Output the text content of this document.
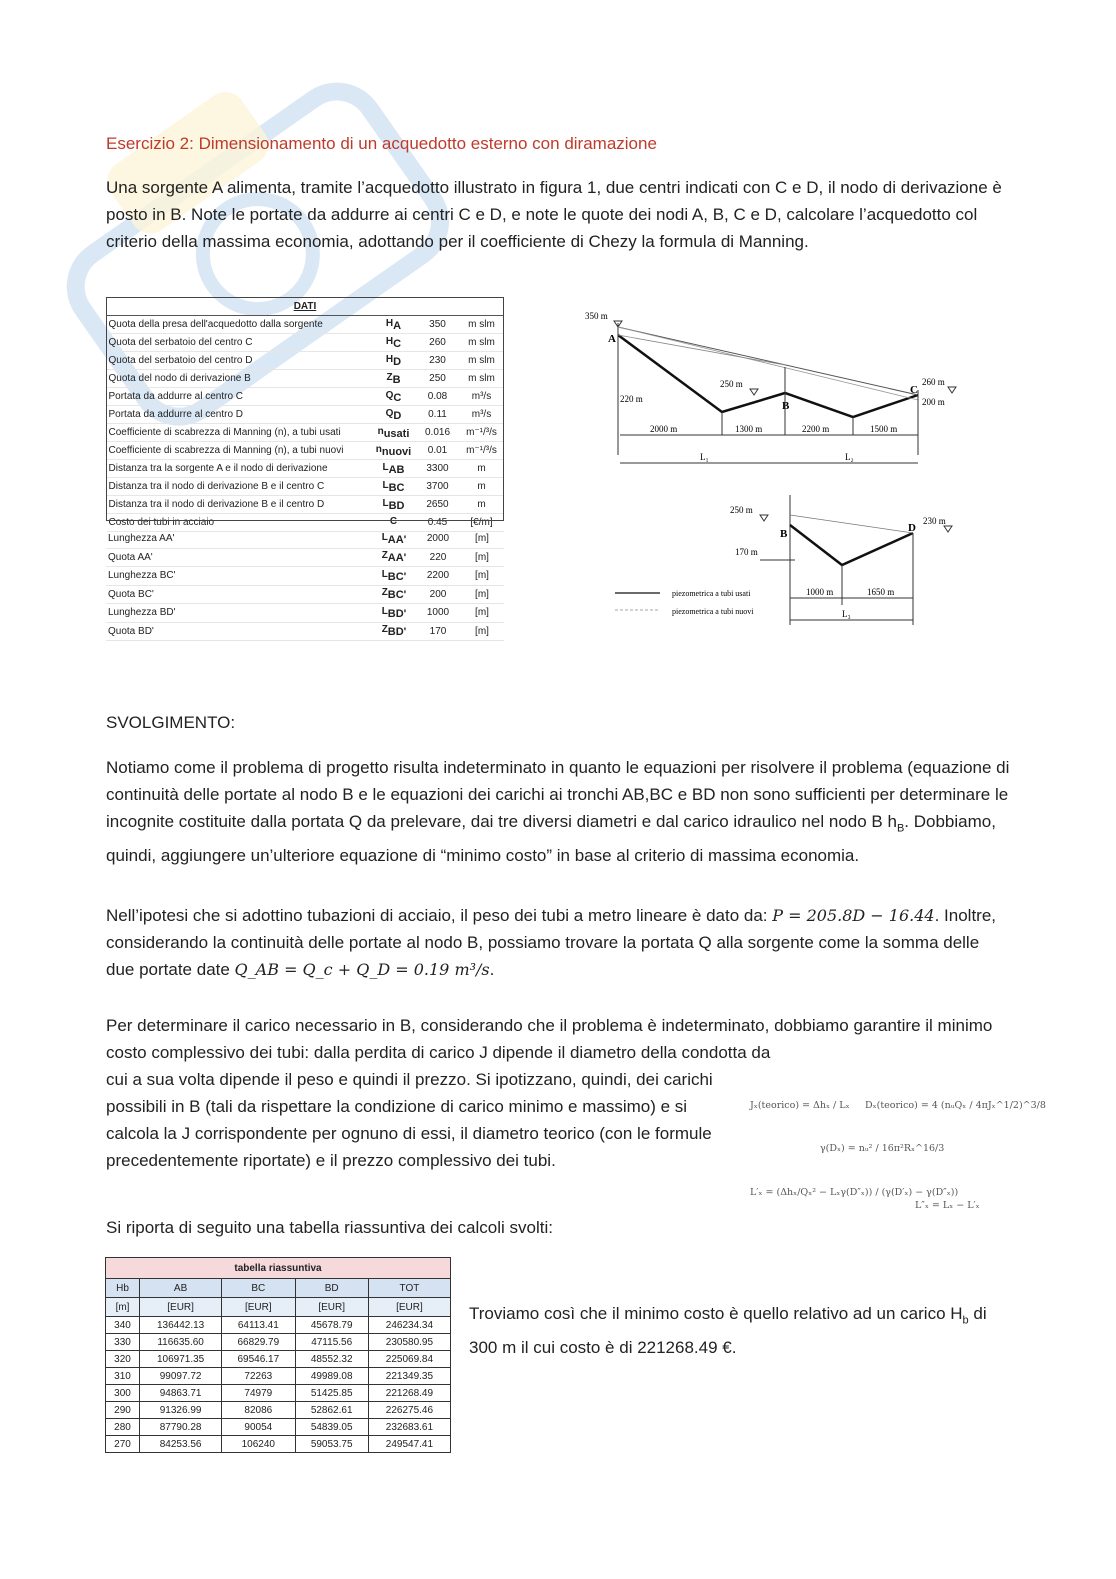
Esercizio 2: Dimensionamento di un acquedotto esterno con diramazione
Una sorgente A alimenta, tramite l’acquedotto illustrato in figura 1, due centri indicati con C e D, il nodo di derivazione è posto in B. Note le portate da addurre ai centri C e D, e note le quote dei nodi A, B, C e D, calcolare l’acquedotto col criterio della massima economia, adottando per il coefficiente di Chezy la formula di Manning.
DATI			
Quota della presa dell'acquedotto dalla sorgente	$H_A$	350	m slm
Quota del serbatoio del centro C	$H_C$	260	m slm
Quota del serbatoio del centro D	$H_D$	230	m slm
Quota del nodo di derivazione B	$Z_B$	250	m slm
Portata da addurre al centro C	$Q_C$	0.08	m³/s
Portata da addurre al centro D	$Q_D$	0.11	m³/s
Coefficiente di scabrezza di Manning (n), a tubi usati	$n_{usati}$	0.016	m⁻¹/³/s
Coefficiente di scabrezza di Manning (n), a tubi nuovi	$n_{nuovi}$	0.01	m⁻¹/³/s
Distanza tra la sorgente A e il nodo di derivazione	$L_{AB}$	3300	m
Distanza tra il nodo di derivazione B e il centro C	$L_{BC}$	3700	m
Distanza tra il nodo di derivazione B e il centro D	$L_{BD}$	2650	m
Costo dei tubi in acciaio	C	0.45	[€/m]
Lunghezza AA'	$L_{AA'}$	2000	[m]
Quota AA'	$Z_{AA'}$	220	[m]
Lunghezza BC'	$L_{BC'}$	2200	[m]
Quota BC'	$Z_{BC'}$	200	[m]
Lunghezza BD'	$L_{BD'}$	1000	[m]
Quota BD'	$Z_{BD'}$	170	[m]
350 m
A
220 m
250 m
B
C
260 m
200 m
2000 m	1300 m	2200 m	1500 m
L₁	L₂
250 m
B
170 m
D
230 m
1000 m	1650 m
L₃
piezometrica a tubi usati
piezometrica a tubi nuovi
SVOLGIMENTO:
Notiamo come il problema di progetto risulta indeterminato in quanto le equazioni per risolvere il problema (equazione di continuità delle portate al nodo B e le equazioni dei carichi ai tronchi AB,BC e BD non sono sufficienti per determinare le incognite costituite dalla portata Q da prelevare, dai tre diversi diametri e dal carico idraulico nel nodo B $h_B$. Dobbiamo, quindi, aggiungere un’ulteriore equazione di “minimo costo” in base al criterio di massima economia.
Nell’ipotesi che si adottino tubazioni di acciaio, il peso dei tubi a metro lineare è dato da: P = 205.8D − 16.44. Inoltre, considerando la continuità delle portate al nodo B, possiamo trovare la portata Q alla sorgente come la somma delle due portate date Q_AB = Q_c + Q_D = 0.19 m³/s.
Per determinare il carico necessario in B, considerando che il problema è indeterminato, dobbiamo garantire il minimo costo complessivo dei tubi: dalla perdita di carico J dipende il diametro della condotta da
cui a sua volta dipende il peso e quindi il prezzo. Si ipotizzano, quindi, dei carichi possibili in B (tali da rispettare la condizione di carico minimo e massimo) e si calcola la J corrispondente per ognuno di essi, il diametro teorico (con le formule precedentemente riportate) e il prezzo complessivo dei tubi.
Jₓ(teorico) = Δhₓ / Lₓ Dₓ(teorico) = 4 (nᵤQₓ / 4πJₓ^1/2)^3/8
γ(Dₓ) = nᵤ² / 16π²Rₓ^16/3
L′ₓ = (Δhₓ/Qₓ² − Lₓγ(D″ₓ)) / (γ(D′ₓ) − γ(D″ₓ))
L″ₓ = Lₓ − L′ₓ
Si riporta di seguito una tabella riassuntiva dei calcoli svolti:
tabella riassuntiva				
Hb	AB	BC	BD	TOT
[m]	[EUR]	[EUR]	[EUR]	[EUR]
340	136442.13	64113.41	45678.79	246234.34
330	116635.60	66829.79	47115.56	230580.95
320	106971.35	69546.17	48552.32	225069.84
310	99097.72	72263	49989.08	221349.35
300	94863.71	74979	51425.85	221268.49
290	91326.99	82086	52862.61	226275.46
280	87790.28	90054	54839.05	232683.61
270	84253.56	106240	59053.75	249547.41
Troviamo così che il minimo costo è quello relativo ad un carico $H_b$ di 300 m il cui costo è di 221268.49 €.
